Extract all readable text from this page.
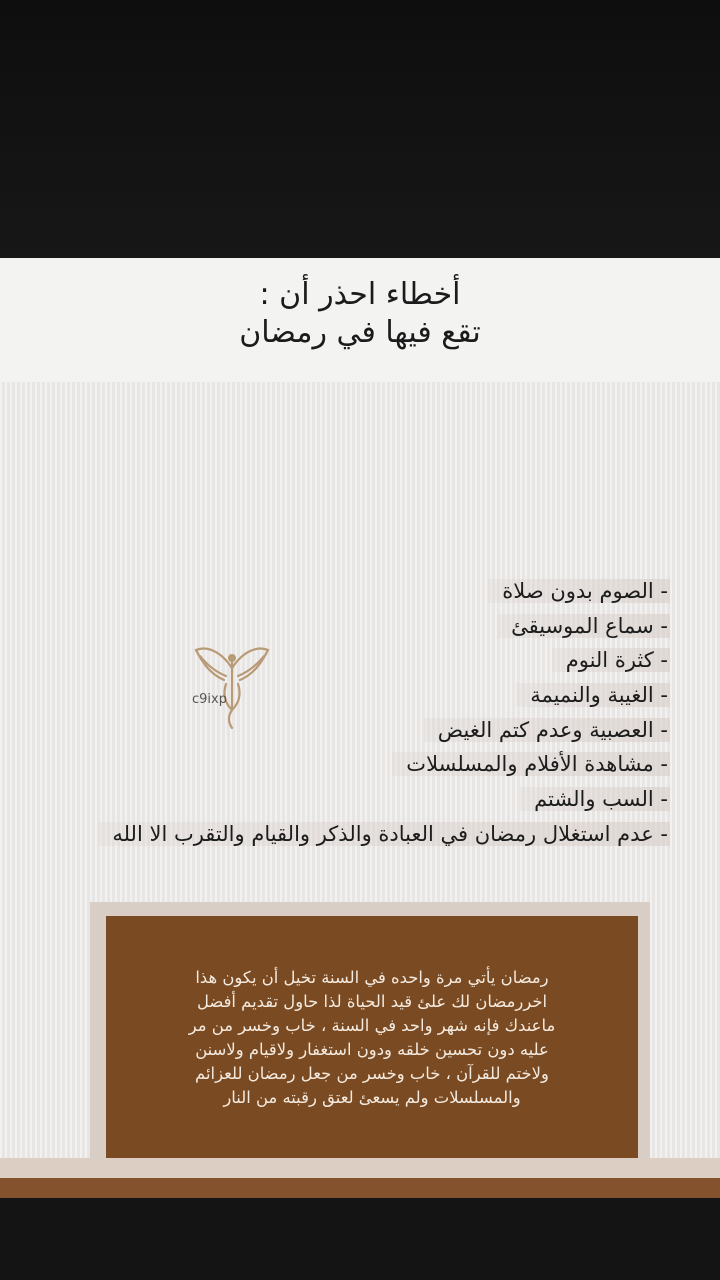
أخطاء احذر أن :
تقع فيها في رمضان
c9ixp
- الصوم بدون صلاة
- سماع الموسيقئ
- كثرة النوم
- الغيبة والنميمة
- العصبية وعدم كتم الغيض
- مشاهدة الأفلام والمسلسلات
- السب والشتم
- عدم استغلال رمضان في العبادة والذكر والقيام والتقرب الا الله
رمضان يأتي مرة واحده في السنة تخيل أن يكون هذا
اخررمضان لك علئ قيد الحياة لذا حاول تقديم أفضل
ماعندك فإنه شهر واحد في السنة ، خاب وخسر من مر
عليه دون تحسين خلقه ودون استغفار ولاقيام ولاسنن
ولاختم للقرآن ، خاب وخسر من جعل رمضان للعزائم
والمسلسلات ولم يسعئ لعتق رقبته من النار
